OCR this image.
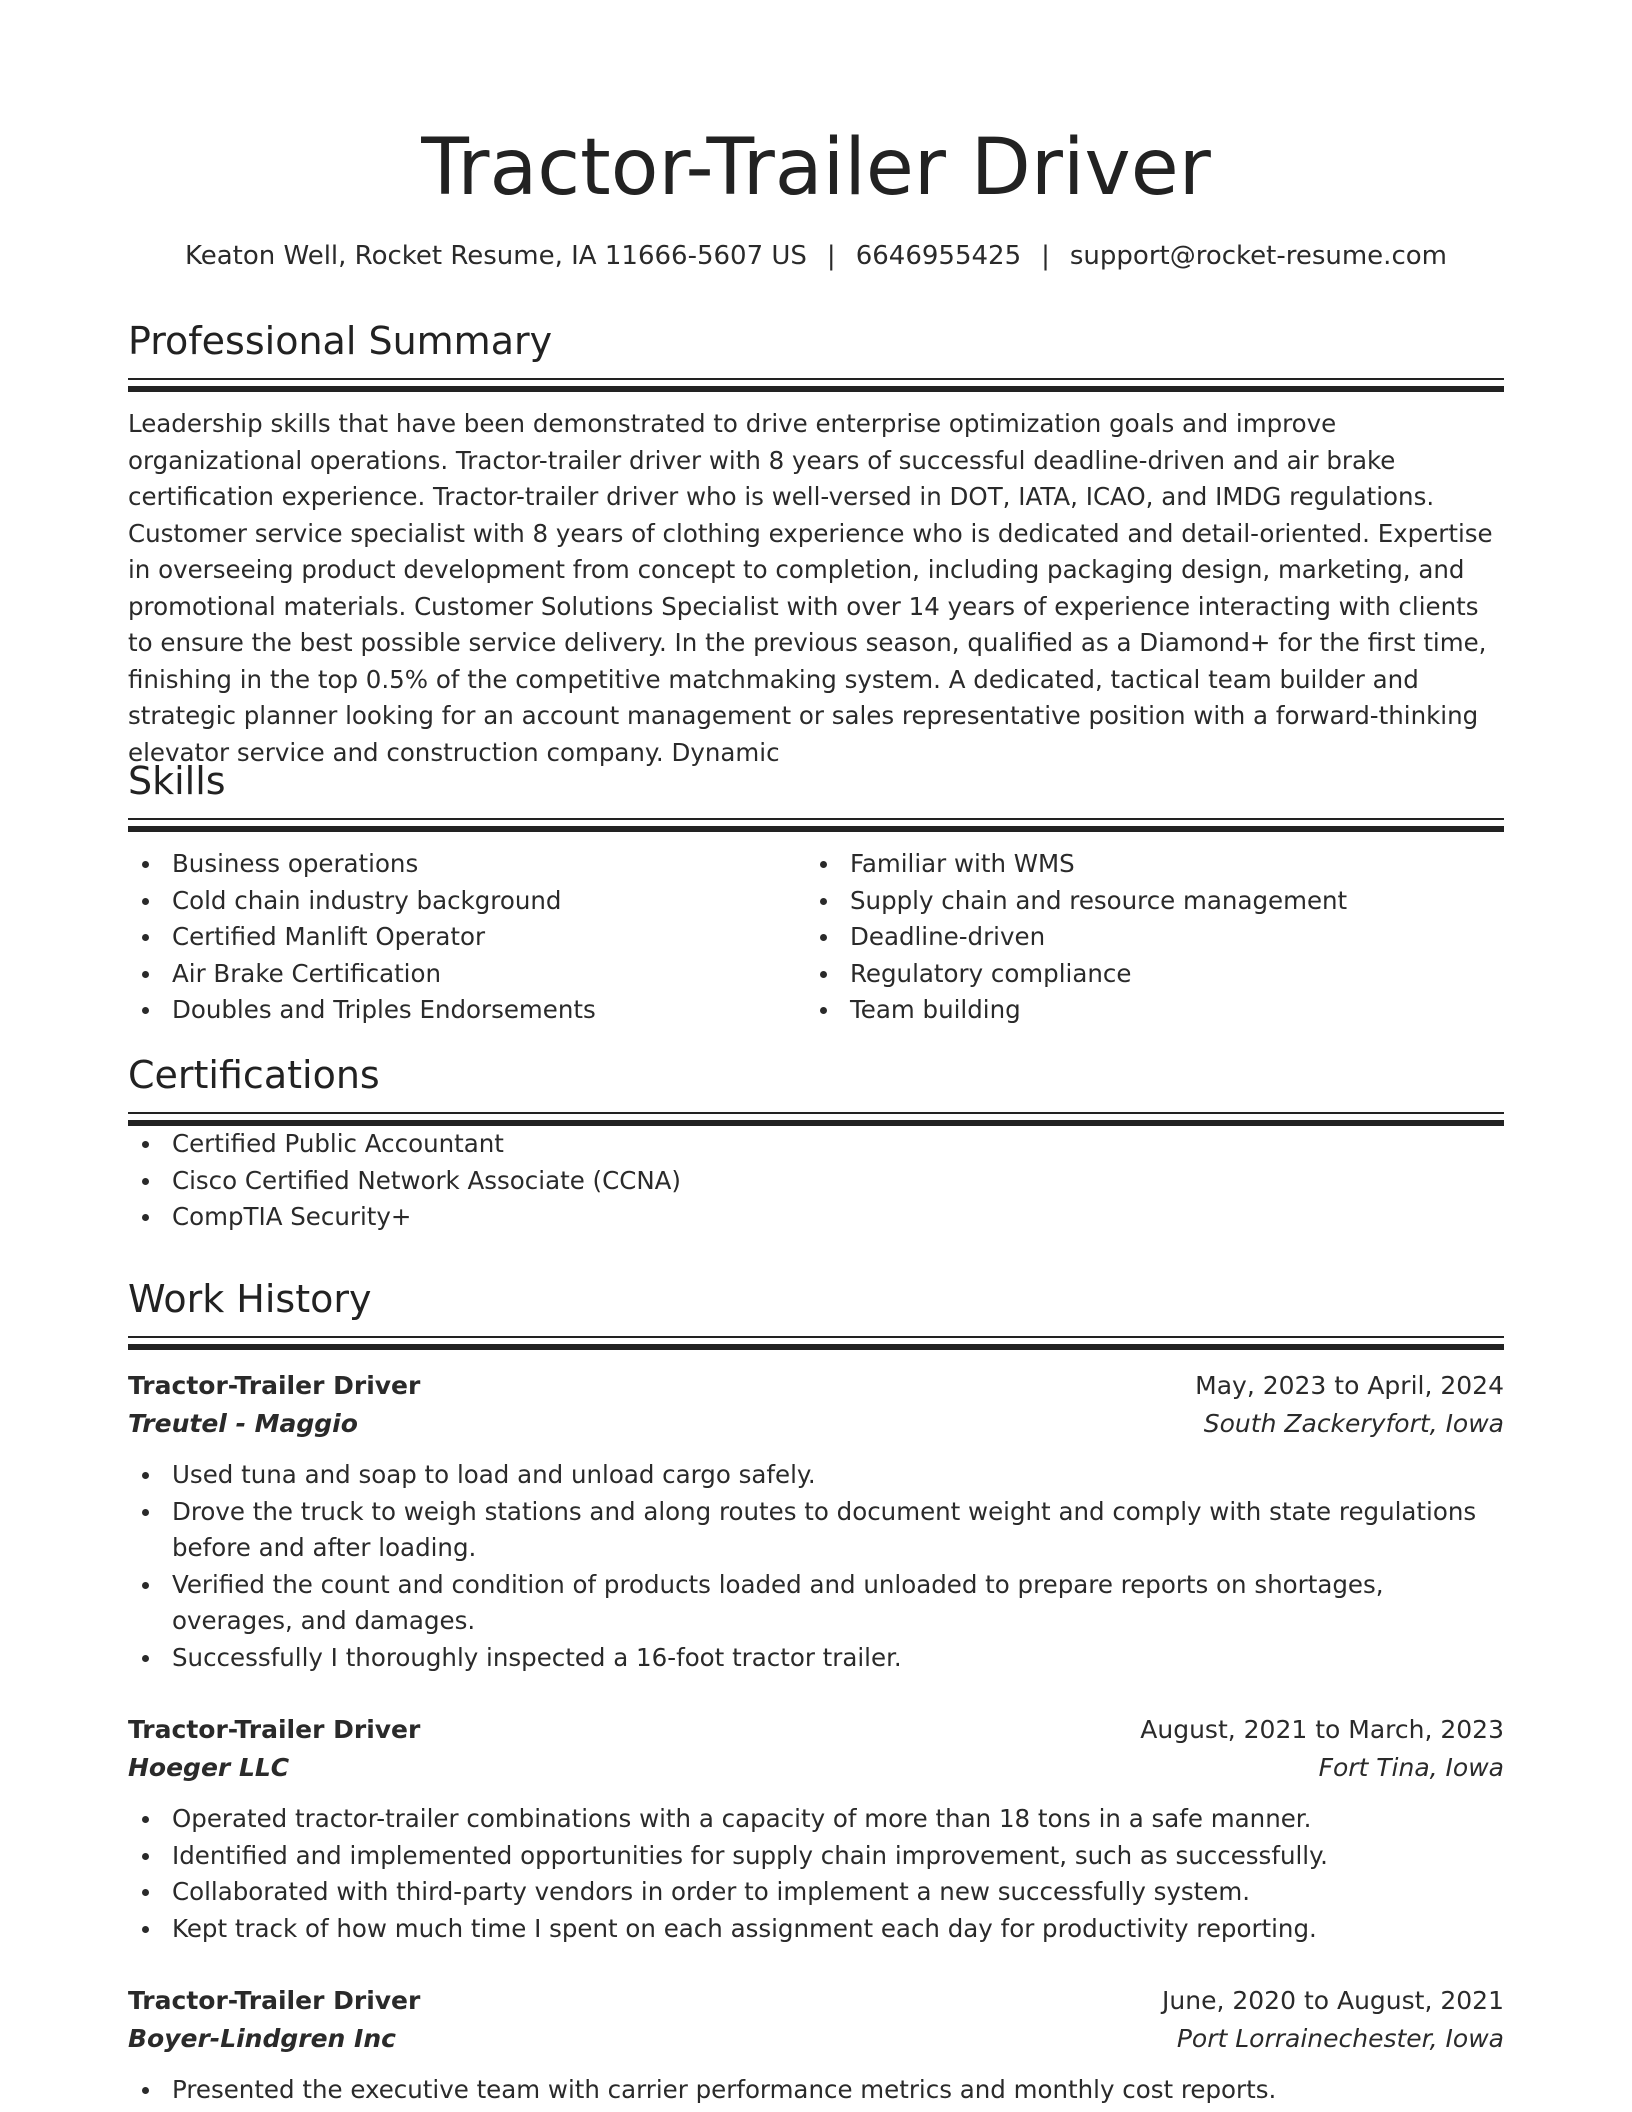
Tractor-Trailer Driver
Keaton Well, Rocket Resume, IA 11666-5607 US | 6646955425 | support@rocket-resume.com
Professional Summary
Leadership skills that have been demonstrated to drive enterprise optimization goals and improve organizational operations. Tractor-trailer driver with 8 years of successful deadline-driven and air brake certification experience. Tractor-trailer driver who is well-versed in DOT, IATA, ICAO, and IMDG regulations. Customer service specialist with 8 years of clothing experience who is dedicated and detail-oriented. Expertise in overseeing product development from concept to completion, including packaging design, marketing, and promotional materials. Customer Solutions Specialist with over 14 years of experience interacting with clients to ensure the best possible service delivery. In the previous season, qualified as a Diamond+ for the first time, finishing in the top 0.5% of the competitive matchmaking system. A dedicated, tactical team builder and strategic planner looking for an account management or sales representative position with a forward-thinking elevator service and construction company. Dynamic
Skills
Business operations
Cold chain industry background
Certified Manlift Operator
Air Brake Certification
Doubles and Triples Endorsements
Familiar with WMS
Supply chain and resource management
Deadline-driven
Regulatory compliance
Team building
Certifications
Certified Public Accountant
Cisco Certified Network Associate (CCNA)
CompTIA Security+
Work History
Tractor-Trailer Driver	May, 2023 to April, 2024
Treutel - Maggio	South Zackeryfort, Iowa
Used tuna and soap to load and unload cargo safely.
Drove the truck to weigh stations and along routes to document weight and comply with state regulations before and after loading.
Verified the count and condition of products loaded and unloaded to prepare reports on shortages, overages, and damages.
Successfully I thoroughly inspected a 16-foot tractor trailer.
Tractor-Trailer Driver	August, 2021 to March, 2023
Hoeger LLC	Fort Tina, Iowa
Operated tractor-trailer combinations with a capacity of more than 18 tons in a safe manner.
Identified and implemented opportunities for supply chain improvement, such as successfully.
Collaborated with third-party vendors in order to implement a new successfully system.
Kept track of how much time I spent on each assignment each day for productivity reporting.
Tractor-Trailer Driver	June, 2020 to August, 2021
Boyer-Lindgren Inc	Port Lorrainechester, Iowa
Presented the executive team with carrier performance metrics and monthly cost reports.
